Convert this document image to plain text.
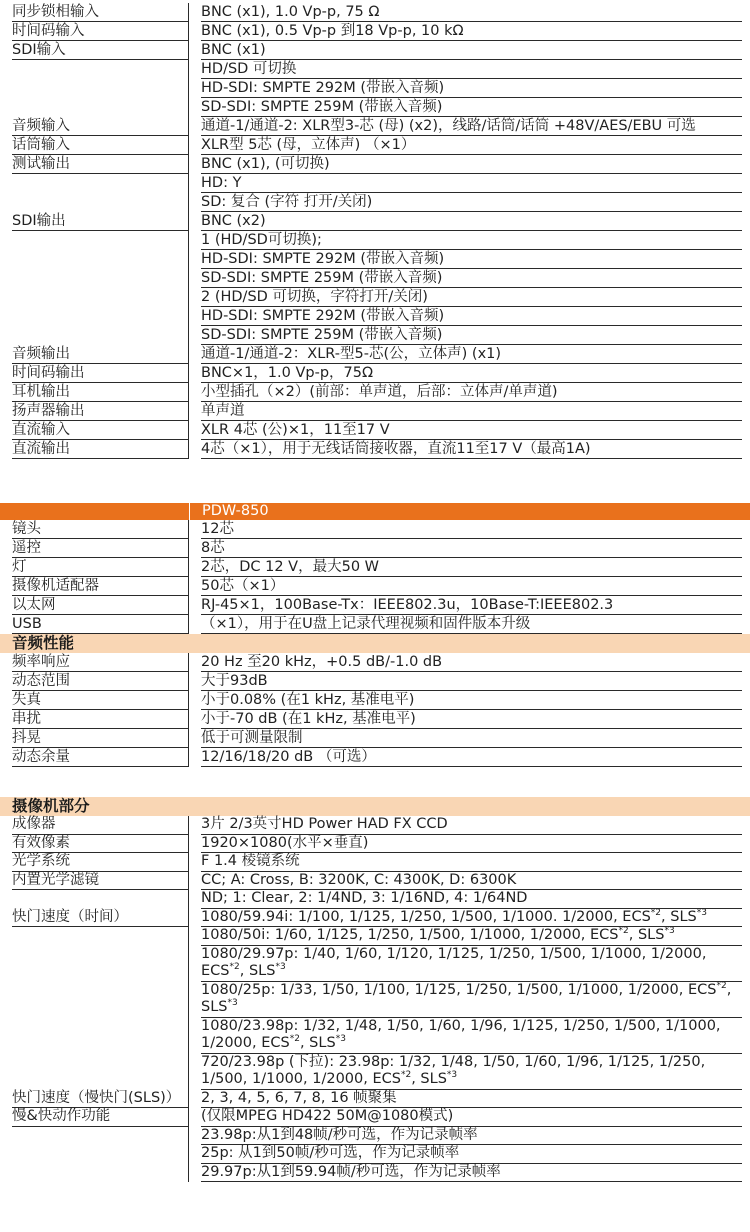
同步锁相输入	BNC (x1), 1.0 Vp-p, 75 Ω
时间码输入	BNC (x1), 0.5 Vp-p 到18 Vp-p, 10 kΩ
SDI输入	BNC (x1)
HD/SD 可切换
HD-SDI: SMPTE 292M (带嵌入音频)
SD-SDI: SMPTE 259M (带嵌入音频)
音频输入	通道-1/通道-2: XLR型3-芯 (母) (x2)，线路/话筒/话筒 +48V/AES/EBU 可选
话筒输入	XLR型 5芯 (母，立体声) （×1）
测试输出	BNC (x1), (可切换)
HD: Y
SD: 复合 (字符 打开/关闭)
SDI输出	BNC (x2)
1 (HD/SD可切换);
HD-SDI: SMPTE 292M (带嵌入音频)
SD-SDI: SMPTE 259M (带嵌入音频)
2 (HD/SD 可切换，字符打开/关闭)
HD-SDI: SMPTE 292M (带嵌入音频)
SD-SDI: SMPTE 259M (带嵌入音频)
音频输出	通道-1/通道-2：XLR-型5-芯(公，立体声) (x1)
时间码输出	BNC×1，1.0 Vp-p，75Ω
耳机输出	小型插孔（×2）(前部：单声道，后部：立体声/单声道)
扬声器输出	单声道
直流输入	XLR 4芯 (公)×1，11至17 V
直流输出	4芯（×1），用于无线话筒接收器，直流11至17 V（最高1A)
PDW-850
镜头	12芯
遥控	8芯
灯	2芯，DC 12 V，最大50 W
摄像机适配器	50芯（×1）
以太网	RJ-45×1，100Base-Tx：IEEE802.3u，10Base-T:IEEE802.3
USB	（×1），用于在U盘上记录代理视频和固件版本升级
音频性能
频率响应	20 Hz 至20 kHz，+0.5 dB/-1.0 dB
动态范围	大于93dB
失真	小于0.08% (在1 kHz, 基准电平)
串扰	小于-70 dB (在1 kHz, 基准电平)
抖晃	低于可测量限制
动态余量	12/16/18/20 dB （可选）
摄像机部分
成像器	3片 2/3英寸HD Power HAD FX CCD
有效像素	1920×1080(水平×垂直)
光学系统	F 1.4 棱镜系统
内置光学滤镜	CC; A: Cross, B: 3200K, C: 4300K, D: 6300K
ND; 1: Clear, 2: 1/4ND, 3: 1/16ND, 4: 1/64ND
快门速度（时间）	1080/59.94i: 1/100, 1/125, 1/250, 1/500, 1/1000. 1/2000, ECS$^{*2}$, SLS$^{*3}$
1080/50i: 1/60, 1/125, 1/250, 1/500, 1/1000, 1/2000, ECS$^{*2}$, SLS$^{*3}$
1080/29.97p: 1/40, 1/60, 1/120, 1/125, 1/250, 1/500, 1/1000, 1/2000, ECS$^{*2}$, SLS$^{*3}$
1080/25p: 1/33, 1/50, 1/100, 1/125, 1/250, 1/500, 1/1000, 1/2000, ECS$^{*2}$, SLS$^{*3}$
1080/23.98p: 1/32, 1/48, 1/50, 1/60, 1/96, 1/125, 1/250, 1/500, 1/1000, 1/2000, ECS$^{*2}$, SLS$^{*3}$
720/23.98p (下拉): 23.98p: 1/32, 1/48, 1/50, 1/60, 1/96, 1/125, 1/250, 1/500, 1/1000, 1/2000, ECS$^{*2}$, SLS$^{*3}$
快门速度（慢快门(SLS)）	2, 3, 4, 5, 6, 7, 8, 16 帧聚集
慢&快动作功能	(仅限MPEG HD422 50M@1080模式)
23.98p:从1到48帧/秒可选，作为记录帧率
25p: 从1到50帧/秒可选，作为记录帧率
29.97p:从1到59.94帧/秒可选，作为记录帧率
